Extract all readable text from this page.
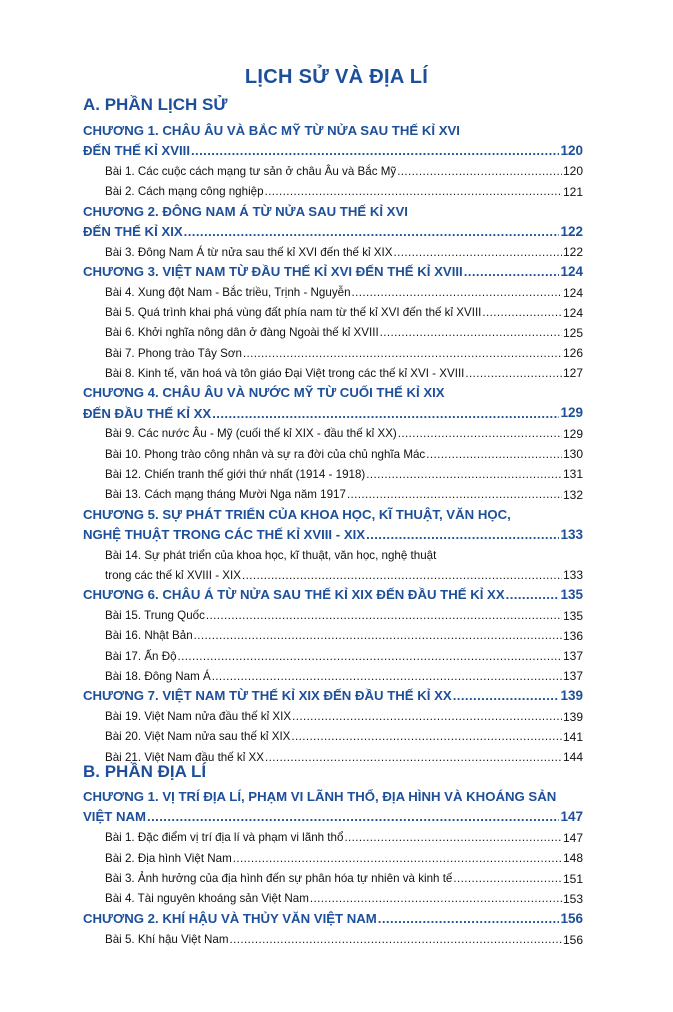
LỊCH SỬ VÀ ĐỊA LÍ
A. PHẦN LỊCH SỬ
CHƯƠNG 1. CHÂU ÂU VÀ BẮC MỸ TỪ NỬA SAU THẾ KỈ XVI
ĐẾN THẾ KỈ XVIII .....	120
Bài 1. Các cuộc cách mạng tư sản ở châu Âu và Bắc Mỹ .....	120
Bài 2. Cách mạng công nghiệp .....	121
CHƯƠNG 2. ĐÔNG NAM Á TỪ NỬA SAU THẾ KỈ XVI
ĐẾN THẾ KỈ XIX .....	122
Bài 3. Đông Nam Á từ nửa sau thế kỉ XVI đến thế kỉ XIX .....	122
CHƯƠNG 3. VIỆT NAM TỪ ĐẦU THẾ KỈ XVI ĐẾN THẾ KỈ XVIII .....	124
Bài 4. Xung đột Nam - Bắc triều, Trịnh - Nguyễn .....	124
Bài 5. Quá trình khai phá vùng đất phía nam từ thế kỉ XVI đến thế kỉ XVIII .....	124
Bài 6. Khởi nghĩa nông dân ở đàng Ngoài thế kỉ XVIII .....	125
Bài 7. Phong trào Tây Sơn .....	126
Bài 8. Kinh tế, văn hoá và tôn giáo Đại Việt trong các thế kỉ XVI - XVIII .....	127
CHƯƠNG 4. CHÂU ÂU VÀ NƯỚC MỸ TỪ CUỐI THẾ KỈ XIX
ĐẾN ĐẦU THẾ KỈ XX .....	129
Bài 9. Các nước Âu - Mỹ (cuối thế kỉ XIX - đầu thế kỉ XX) .....	129
Bài 10. Phong trào công nhân và sự ra đời của chủ nghĩa Mác .....	130
Bài 12. Chiến tranh thế giới thứ nhất (1914 - 1918) .....	131
Bài 13. Cách mạng tháng Mười Nga năm 1917 .....	132
CHƯƠNG 5. SỰ PHÁT TRIỂN CỦA KHOA HỌC, KĨ THUẬT, VĂN HỌC,
NGHỆ THUẬT TRONG CÁC THẾ KỈ XVIII - XIX .....	133
Bài 14. Sự phát triển của khoa học, kĩ thuật, văn học, nghệ thuật
trong các thế kỉ XVIII - XIX .....	133
CHƯƠNG 6. CHÂU Á TỪ NỬA SAU THẾ KỈ XIX ĐẾN ĐẦU THẾ KỈ XX .....	135
Bài 15. Trung Quốc .....	135
Bài 16. Nhật Bản .....	136
Bài 17. Ấn Độ .....	137
Bài 18. Đông Nam Á .....	137
CHƯƠNG 7. VIỆT NAM TỪ THẾ KỈ XIX ĐẾN ĐẦU THẾ KỈ XX .....	139
Bài 19. Việt Nam nửa đầu thế kỉ XIX .....	139
Bài 20. Việt Nam nửa sau thế kỉ XIX .....	141
Bài 21. Việt Nam đầu thế kỉ XX .....	144
B. PHẦN ĐỊA LÍ
CHƯƠNG 1. VỊ TRÍ ĐỊA LÍ, PHẠM VI LÃNH THỔ, ĐỊA HÌNH VÀ KHOÁNG SẢN
VIỆT NAM .....	147
Bài 1. Đặc điểm vị trí địa lí và phạm vi lãnh thổ .....	147
Bài 2. Địa hình Việt Nam .....	148
Bài 3. Ảnh hưởng của địa hình đến sự phân hóa tự nhiên và kinh tế .....	151
Bài 4. Tài nguyên khoáng sản Việt Nam .....	153
CHƯƠNG 2. KHÍ HẬU VÀ THỦY VĂN VIỆT NAM .....	156
Bài 5. Khí hậu Việt Nam .....	156
